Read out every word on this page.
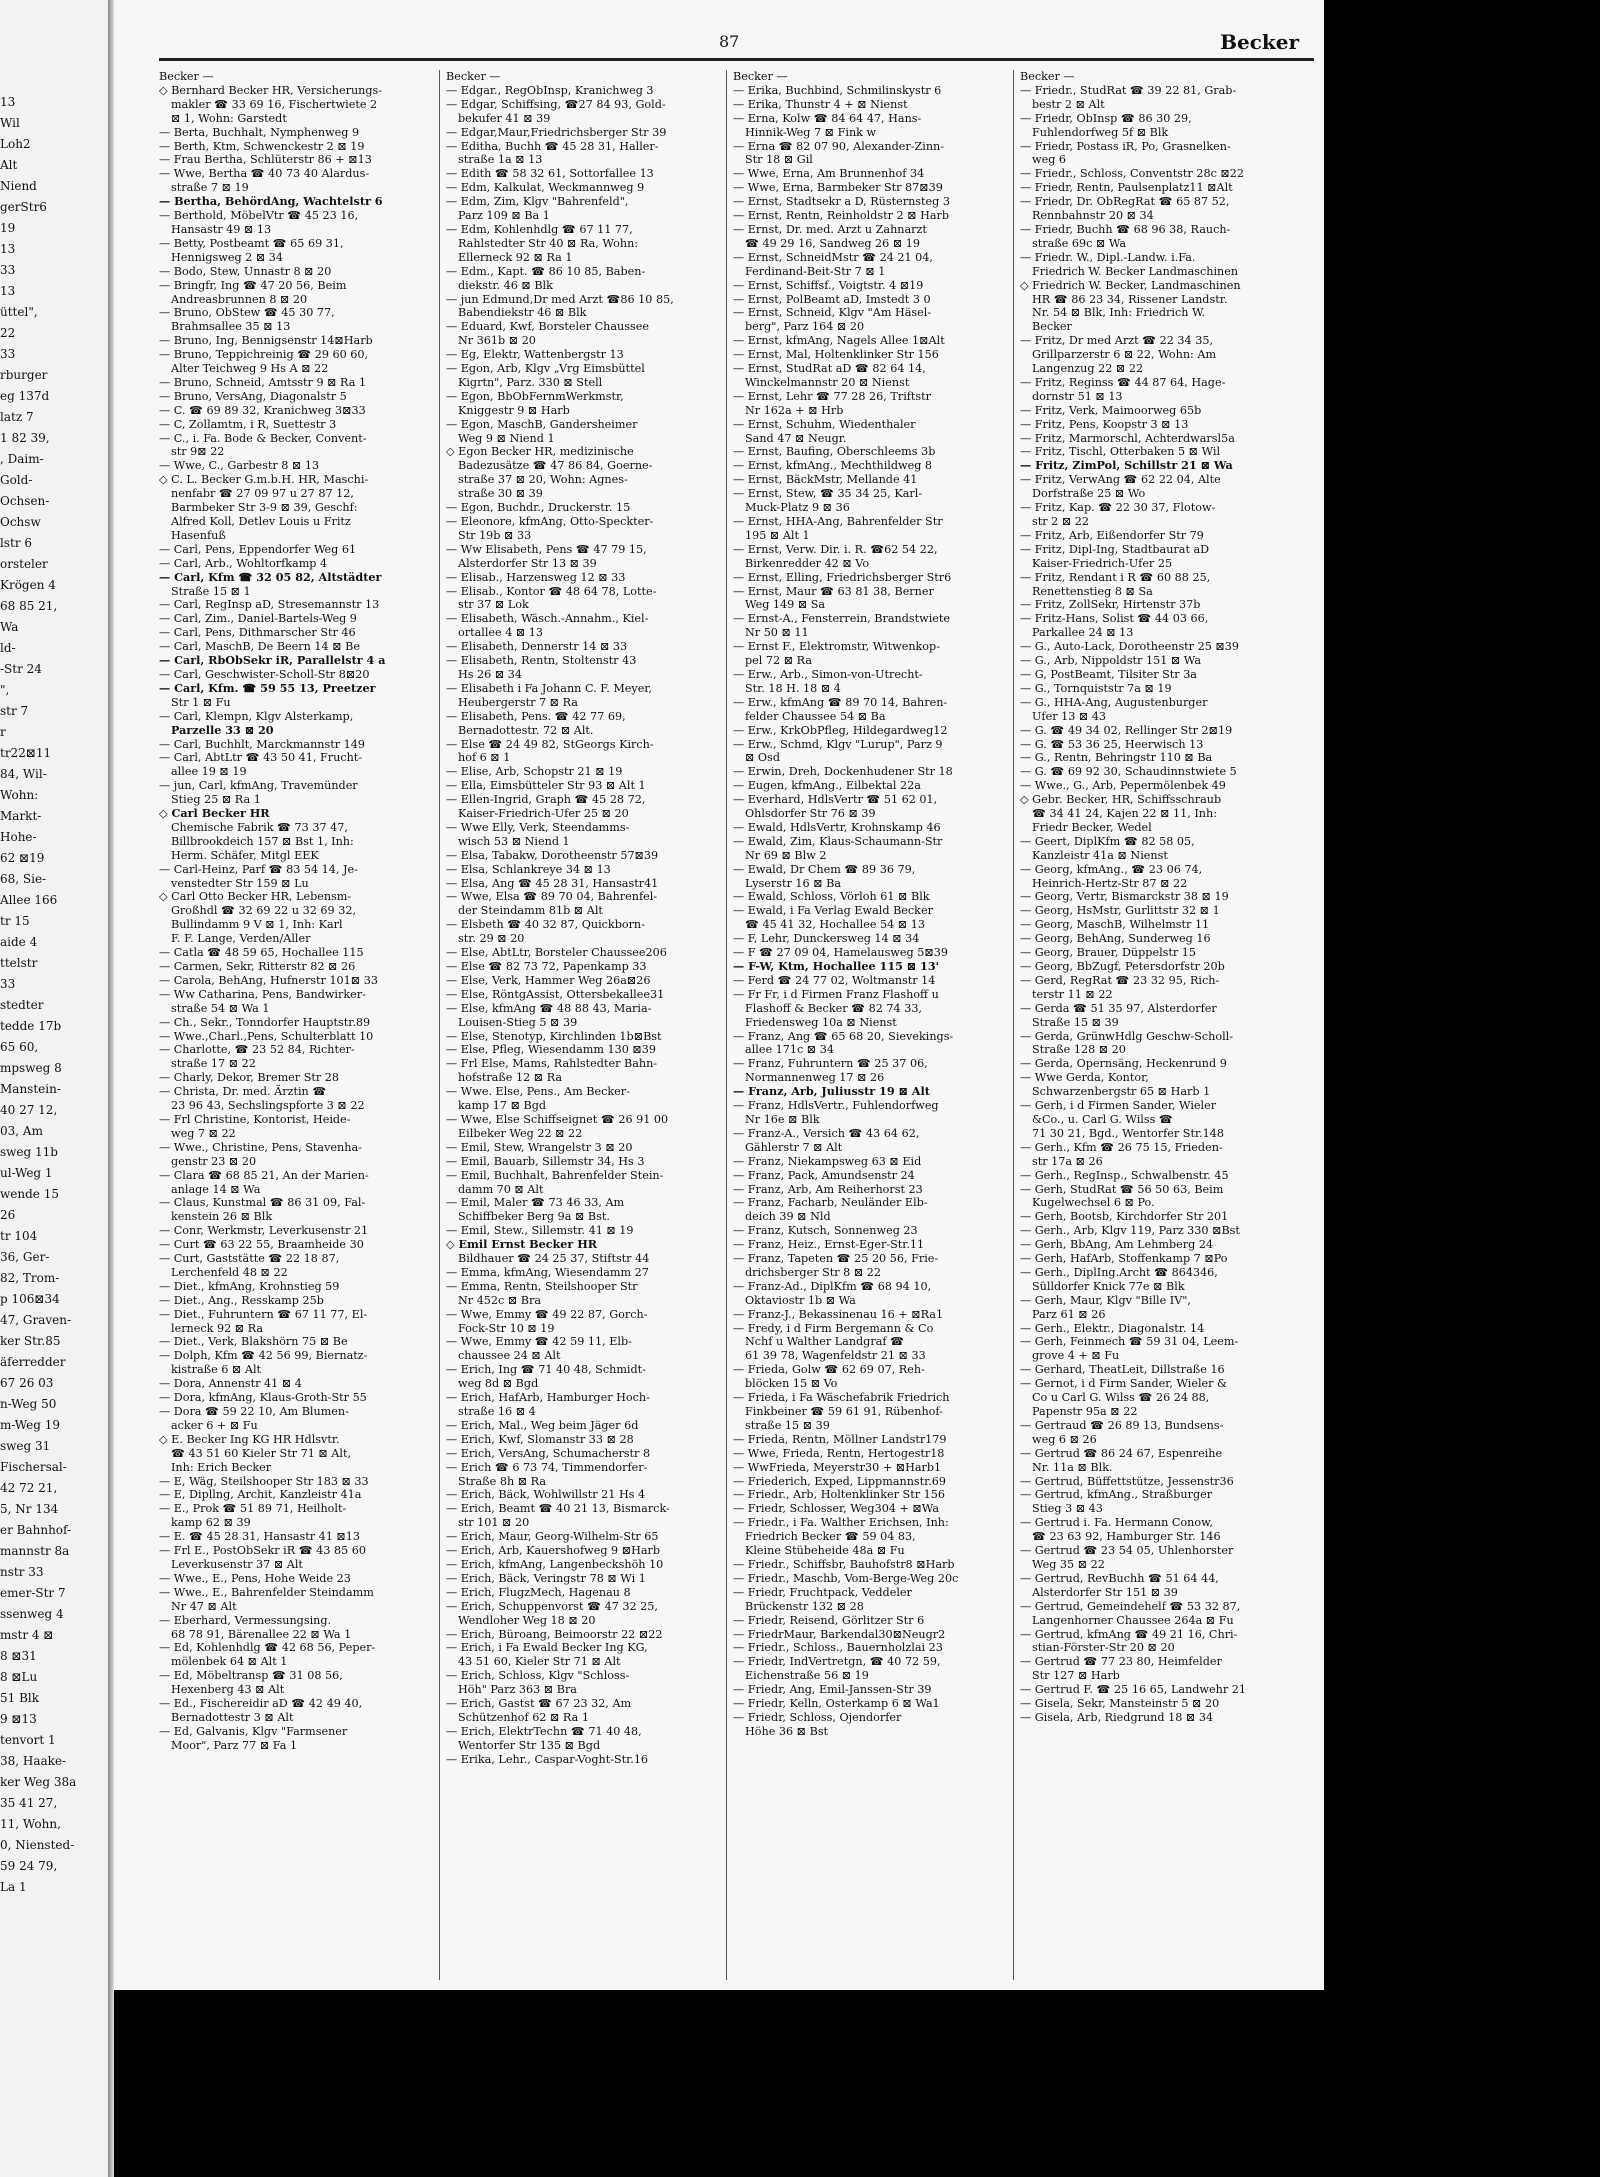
13
Wil
Loh2
Alt
Niend
gerStr6
19
13
33
13
üttel",
22
33
rburger
eg 137d
latz 7
1 82 39,
, Daim-
Gold-
Ochsen-
Ochsw
lstr 6
orsteler
Krögen 4
68 85 21,
Wa
ld-
-Str 24
",
str 7
r
tr22⊠11
84, Wil-
Wohn:
Markt-
Hohe-
62 ⊠19
68, Sie-
Allee 166
tr 15
aide 4
ttelstr
33
stedter
tedde 17b
65 60,
mpsweg 8
Manstein-
40 27 12,
03, Am
sweg 11b
ul-Weg 1
wende 15
26
tr 104
36, Ger-
82, Trom-
p 106⊠34
47, Graven-
ker Str.85
äferredder
67 26 03
n-Weg 50
m-Weg 19
sweg 31
Fischersal-
42 72 21,
5, Nr 134
er Bahnhof-
mannstr 8a
nstr 33
emer-Str 7
ssenweg 4
mstr 4 ⊠
8 ⊠31
8 ⊠Lu
51 Blk
9 ⊠13
tenvort 1
38, Haake-
ker Weg 38a
35 41 27,
11, Wohn,
0, Niensted-
59 24 79,
La 1
87	Becker
Becker —
◇ Bernhard Becker HR, Versicherungs-
makler ☎ 33 69 16, Fischertwiete 2
⊠ 1, Wohn: Garstedt
— Berta, Buchhalt, Nymphenweg 9
— Berth, Ktm, Schwenckestr 2 ⊠ 19
— Frau Bertha, Schlüterstr 86 + ⊠13
— Wwe, Bertha ☎ 40 73 40 Alardus-
straße 7 ⊠ 19
— Bertha, BehördAng, Wachtelstr 6
— Berthold, MöbelVtr ☎ 45 23 16,
Hansastr 49 ⊠ 13
— Betty, Postbeamt ☎ 65 69 31,
Hennigsweg 2 ⊠ 34
— Bodo, Stew, Unnastr 8 ⊠ 20
— Bringfr, Ing ☎ 47 20 56, Beim
Andreasbrunnen 8 ⊠ 20
— Bruno, ObStew ☎ 45 30 77,
Brahmsallee 35 ⊠ 13
— Bruno, Ing, Bennigsenstr 14⊠Harb
— Bruno, Teppichreinig ☎ 29 60 60,
Alter Teichweg 9 Hs A ⊠ 22
— Bruno, Schneid, Amtsstr 9 ⊠ Ra 1
— Bruno, VersAng, Diagonalstr 5
— C. ☎ 69 89 32, Kranichweg 3⊠33
— C, Zollamtm, i R, Suettestr 3
— C., i. Fa. Bode & Becker, Convent-
str 9⊠ 22
— Wwe, C., Garbestr 8 ⊠ 13
◇ C. L. Becker G.m.b.H. HR, Maschi-
nenfabr ☎ 27 09 97 u 27 87 12,
Barmbeker Str 3-9 ⊠ 39, Geschf:
Alfred Koll, Detlev Louis u Fritz
Hasenfuß
— Carl, Pens, Eppendorfer Weg 61
— Carl, Arb., Wohltorfkamp 4
— Carl, Kfm ☎ 32 05 82, Altstädter
Straße 15 ⊠ 1
— Carl, RegInsp aD, Stresemannstr 13
— Carl, Zim., Daniel-Bartels-Weg 9
— Carl, Pens, Dithmarscher Str 46
— Carl, MaschB, De Beern 14 ⊠ Be
— Carl, RbObSekr iR, Parallelstr 4 a
— Carl, Geschwister-Scholl-Str 8⊠20
— Carl, Kfm. ☎ 59 55 13, Preetzer
Str 1 ⊠ Fu
— Carl, Klempn, Klgv Alsterkamp,
Parzelle 33 ⊠ 20
— Carl, Buchhlt, Marckmannstr 149
— Carl, AbtLtr ☎ 43 50 41, Frucht-
allee 19 ⊠ 19
— jun, Carl, kfmAng, Travemünder
Stieg 25 ⊠ Ra 1
◇ Carl Becker HR
Chemische Fabrik ☎ 73 37 47,
Billbrookdeich 157 ⊠ Bst 1, Inh:
Herm. Schäfer, Mitgl EEK
— Carl-Heinz, Parf ☎ 83 54 14, Je-
venstedter Str 159 ⊠ Lu
◇ Carl Otto Becker HR, Lebensm-
Großhdl ☎ 32 69 22 u 32 69 32,
Bullindamm 9 V ⊠ 1, Inh: Karl
F. F. Lange, Verden/Aller
— Catla ☎ 48 59 65, Hochallee 115
— Carmen, Sekr, Ritterstr 82 ⊠ 26
— Carola, BehAng, Hufnerstr 101⊠ 33
— Ww Catharina, Pens, Bandwirker-
straße 54 ⊠ Wa 1
— Ch., Sekr., Tonndorfer Hauptstr.89
— Wwe.,Charl.,Pens, Schulterblatt 10
— Charlotte, ☎ 23 52 84, Richter-
straße 17 ⊠ 22
— Charly, Dekor, Bremer Str 28
— Christa, Dr. med. Ärztin ☎
23 96 43, Sechslingspforte 3 ⊠ 22
— Frl Christine, Kontorist, Heide-
weg 7 ⊠ 22
— Wwe., Christine, Pens, Stavenha-
genstr 23 ⊠ 20
— Clara ☎ 68 85 21, An der Marien-
anlage 14 ⊠ Wa
— Claus, Kunstmal ☎ 86 31 09, Fal-
kenstein 26 ⊠ Blk
— Conr, Werkmstr, Leverkusenstr 21
— Curt ☎ 63 22 55, Braamheide 30
— Curt, Gaststätte ☎ 22 18 87,
Lerchenfeld 48 ⊠ 22
— Diet., kfmAng, Krohnstieg 59
— Diet., Ang., Resskamp 25b
— Diet., Fuhruntern ☎ 67 11 77, El-
lerneck 92 ⊠ Ra
— Diet., Verk, Blakshörn 75 ⊠ Be
— Dolph, Kfm ☎ 42 56 99, Biernatz-
kistraße 6 ⊠ Alt
— Dora, Annenstr 41 ⊠ 4
— Dora, kfmAng, Klaus-Groth-Str 55
— Dora ☎ 59 22 10, Am Blumen-
acker 6 + ⊠ Fu
◇ E. Becker Ing KG HR Hdlsvtr.
☎ 43 51 60 Kieler Str 71 ⊠ Alt,
Inh: Erich Becker
— E, Wäg, Steilshooper Str 183 ⊠ 33
— E, Dipllng, Archit, Kanzleistr 41a
— E., Prok ☎ 51 89 71, Heilholt-
kamp 62 ⊠ 39
— E. ☎ 45 28 31, Hansastr 41 ⊠13
— Frl E., PostObSekr iR ☎ 43 85 60
Leverkusenstr 37 ⊠ Alt
— Wwe., E., Pens, Hohe Weide 23
— Wwe., E., Bahrenfelder Steindamm
Nr 47 ⊠ Alt
— Eberhard, Vermessungsing.
68 78 91, Bärenallee 22 ⊠ Wa 1
— Ed, Kohlenhdlg ☎ 42 68 56, Peper-
mölenbek 64 ⊠ Alt 1
— Ed, Möbeltransp ☎ 31 08 56,
Hexenberg 43 ⊠ Alt
— Ed., Fischereidir aD ☎ 42 49 40,
Bernadottestr 3 ⊠ Alt
— Ed, Galvanis, Klgv "Farmsener
Moor", Parz 77 ⊠ Fa 1
Becker —
— Edgar., RegObInsp, Kranichweg 3
— Edgar, Schiffsing, ☎27 84 93, Gold-
bekufer 41 ⊠ 39
— Edgar,Maur,Friedrichsberger Str 39
— Editha, Buchh ☎ 45 28 31, Haller-
straße 1a ⊠ 13
— Edith ☎ 58 32 61, Sottorfallee 13
— Edm, Kalkulat, Weckmannweg 9
— Edm, Zim, Klgv "Bahrenfeld",
Parz 109 ⊠ Ba 1
— Edm, Kohlenhdlg ☎ 67 11 77,
Rahlstedter Str 40 ⊠ Ra, Wohn:
Ellerneck 92 ⊠ Ra 1
— Edm., Kapt. ☎ 86 10 85, Baben-
diekstr. 46 ⊠ Blk
— jun Edmund,Dr med Arzt ☎86 10 85,
Babendiekstr 46 ⊠ Blk
— Eduard, Kwf, Borsteler Chaussee
Nr 361b ⊠ 20
— Eg, Elektr, Wattenbergstr 13
— Egon, Arb, Klgv „Vrg Eimsbüttel
Kigrtn", Parz. 330 ⊠ Stell
— Egon, BbObFernmWerkmstr,
Kniggestr 9 ⊠ Harb
— Egon, MaschB, Gandersheimer
Weg 9 ⊠ Niend 1
◇ Egon Becker HR, medizinische
Badezusätze ☎ 47 86 84, Goerne-
straße 37 ⊠ 20, Wohn: Agnes-
straße 30 ⊠ 39
— Egon, Buchdr., Druckerstr. 15
— Eleonore, kfmAng, Otto-Speckter-
Str 19b ⊠ 33
— Ww Elisabeth, Pens ☎ 47 79 15,
Alsterdorfer Str 13 ⊠ 39
— Elisab., Harzensweg 12 ⊠ 33
— Elisab., Kontor ☎ 48 64 78, Lotte-
str 37 ⊠ Lok
— Elisabeth, Wäsch.-Annahm., Kiel-
ortallee 4 ⊠ 13
— Elisabeth, Dennerstr 14 ⊠ 33
— Elisabeth, Rentn, Stoltenstr 43
Hs 26 ⊠ 34
— Elisabeth i Fa Johann C. F. Meyer,
Heubergerstr 7 ⊠ Ra
— Elisabeth, Pens. ☎ 42 77 69,
Bernadottestr. 72 ⊠ Alt.
— Else ☎ 24 49 82, StGeorgs Kirch-
hof 6 ⊠ 1
— Elise, Arb, Schopstr 21 ⊠ 19
— Ella, Eimsbütteler Str 93 ⊠ Alt 1
— Ellen-Ingrid, Graph ☎ 45 28 72,
Kaiser-Friedrich-Ufer 25 ⊠ 20
— Wwe Elly, Verk, Steendamms-
wisch 53 ⊠ Niend 1
— Elsa, Tabakw, Dorotheenstr 57⊠39
— Elsa, Schlankreye 34 ⊠ 13
— Elsa, Ang ☎ 45 28 31, Hansastr41
— Wwe, Elsa ☎ 89 70 04, Bahrenfel-
der Steindamm 81b ⊠ Alt
— Elsbeth ☎ 40 32 87, Quickborn-
str. 29 ⊠ 20
— Else, AbtLtr, Borsteler Chaussee206
— Else ☎ 82 73 72, Papenkamp 33
— Else, Verk, Hammer Weg 26a⊠26
— Else, RöntgAssist, Ottersbekallee31
— Else, kfmAng ☎ 48 88 43, Maria-
Louisen-Stieg 5 ⊠ 39
— Else, Stenotyp, Kirchlinden 1b⊠Bst
— Else, Pfleg, Wiesendamm 130 ⊠39
— Frl Else, Mams, Rahlstedter Bahn-
hofstraße 12 ⊠ Ra
— Wwe. Else, Pens., Am Becker-
kamp 17 ⊠ Bgd
— Wwe, Else Schiffseignet ☎ 26 91 00
Eilbeker Weg 22 ⊠ 22
— Emil, Stew, Wrangelstr 3 ⊠ 20
— Emil, Bauarb, Sillemstr 34, Hs 3
— Emil, Buchhalt, Bahrenfelder Stein-
damm 70 ⊠ Alt
— Emil, Maler ☎ 73 46 33, Am
Schiffbeker Berg 9a ⊠ Bst.
— Emil, Stew., Sillemstr. 41 ⊠ 19
◇ Emil Ernst Becker HR
Bildhauer ☎ 24 25 37, Stiftstr 44
— Emma, kfmAng, Wiesendamm 27
— Emma, Rentn, Steilshooper Str
Nr 452c ⊠ Bra
— Wwe, Emmy ☎ 49 22 87, Gorch-
Fock-Str 10 ⊠ 19
— Wwe, Emmy ☎ 42 59 11, Elb-
chaussee 24 ⊠ Alt
— Erich, Ing ☎ 71 40 48, Schmidt-
weg 8d ⊠ Bgd
— Erich, HafArb, Hamburger Hoch-
straße 16 ⊠ 4
— Erich, Mal., Weg beim Jäger 6d
— Erich, Kwf, Slomanstr 33 ⊠ 28
— Erich, VersAng, Schumacherstr 8
— Erich ☎ 6 73 74, Timmendorfer-
Straße 8h ⊠ Ra
— Erich, Bäck, Wohlwillstr 21 Hs 4
— Erich, Beamt ☎ 40 21 13, Bismarck-
str 101 ⊠ 20
— Erich, Maur, Georg-Wilhelm-Str 65
— Erich, Arb, Kauershofweg 9 ⊠Harb
— Erich, kfmAng, Langenbeckshöh 10
— Erich, Bäck, Veringstr 78 ⊠ Wi 1
— Erich, FlugzMech, Hagenau 8
— Erich, Schuppenvorst ☎ 47 32 25,
Wendloher Weg 18 ⊠ 20
— Erich, Büroang, Beimoorstr 22 ⊠22
— Erich, i Fa Ewald Becker Ing KG,
43 51 60, Kieler Str 71 ⊠ Alt
— Erich, Schloss, Klgv "Schloss-
Höh" Parz 363 ⊠ Bra
— Erich, Gastst ☎ 67 23 32, Am
Schützenhof 62 ⊠ Ra 1
— Erich, ElektrTechn ☎ 71 40 48,
Wentorfer Str 135 ⊠ Bgd
— Erika, Lehr., Caspar-Voght-Str.16
Becker —
— Erika, Buchbind, Schmilinskystr 6
— Erika, Thunstr 4 + ⊠ Nienst
— Erna, Kolw ☎ 84 64 47, Hans-
Hinnik-Weg 7 ⊠ Fink w
— Erna ☎ 82 07 90, Alexander-Zinn-
Str 18 ⊠ Gil
— Wwe, Erna, Am Brunnenhof 34
— Wwe, Erna, Barmbeker Str 87⊠39
— Ernst, Stadtsekr a D, Rüsternsteg 3
— Ernst, Rentn, Reinholdstr 2 ⊠ Harb
— Ernst, Dr. med. Arzt u Zahnarzt
☎ 49 29 16, Sandweg 26 ⊠ 19
— Ernst, SchneidMstr ☎ 24 21 04,
Ferdinand-Beit-Str 7 ⊠ 1
— Ernst, Schiffsf., Voigtstr. 4 ⊠19
— Ernst, PolBeamt aD, Imstedt 3 0
— Ernst, Schneid, Klgv "Am Häsel-
berg", Parz 164 ⊠ 20
— Ernst, kfmAng, Nagels Allee 1⊠Alt
— Ernst, Mal, Holtenklinker Str 156
— Ernst, StudRat aD ☎ 82 64 14,
Winckelmannstr 20 ⊠ Nienst
— Ernst, Lehr ☎ 77 28 26, Triftstr
Nr 162a + ⊠ Hrb
— Ernst, Schuhm, Wiedenthaler
Sand 47 ⊠ Neugr.
— Ernst, Baufing, Oberschleems 3b
— Ernst, kfmAng., Mechthildweg 8
— Ernst, BäckMstr, Mellande 41
— Ernst, Stew, ☎ 35 34 25, Karl-
Muck-Platz 9 ⊠ 36
— Ernst, HHA-Ang, Bahrenfelder Str
195 ⊠ Alt 1
— Ernst, Verw. Dir. i. R. ☎62 54 22,
Birkenredder 42 ⊠ Vo
— Ernst, Elling, Friedrichsberger Str6
— Ernst, Maur ☎ 63 81 38, Berner
Weg 149 ⊠ Sa
— Ernst-A., Fensterrein, Brandstwiete
Nr 50 ⊠ 11
— Ernst F., Elektromstr, Witwenkop-
pel 72 ⊠ Ra
— Erw., Arb., Simon-von-Utrecht-
Str. 18 H. 18 ⊠ 4
— Erw., kfmAng ☎ 89 70 14, Bahren-
felder Chaussee 54 ⊠ Ba
— Erw., KrkObPfleg, Hildegardweg12
— Erw., Schmd, Klgv "Lurup", Parz 9
⊠ Osd
— Erwin, Dreh, Dockenhudener Str 18
— Eugen, kfmAng., Eilbektal 22a
— Everhard, HdlsVertr ☎ 51 62 01,
Ohlsdorfer Str 76 ⊠ 39
— Ewald, HdlsVertr, Krohnskamp 46
— Ewald, Zim, Klaus-Schaumann-Str
Nr 69 ⊠ Blw 2
— Ewald, Dr Chem ☎ 89 36 79,
Lyserstr 16 ⊠ Ba
— Ewald, Schloss, Vörloh 61 ⊠ Blk
— Ewald, i Fa Verlag Ewald Becker
☎ 45 41 32, Hochallee 54 ⊠ 13
— F, Lehr, Dunckersweg 14 ⊠ 34
— F ☎ 27 09 04, Hamelausweg 5⊠39
— F-W, Ktm, Hochallee 115 ⊠ 13'
— Ferd ☎ 24 77 02, Woltmanstr 14
— Fr Fr, i d Firmen Franz Flashoff u
Flashoff & Becker ☎ 82 74 33,
Friedensweg 10a ⊠ Nienst
— Franz, Ang ☎ 65 68 20, Sievekings-
allee 171c ⊠ 34
— Franz, Fuhruntern ☎ 25 37 06,
Normannenweg 17 ⊠ 26
— Franz, Arb, Juliusstr 19 ⊠ Alt
— Franz, HdlsVertr., Fuhlendorfweg
Nr 16e ⊠ Blk
— Franz-A., Versich ☎ 43 64 62,
Gählerstr 7 ⊠ Alt
— Franz, Niekampsweg 63 ⊠ Eid
— Franz, Pack, Amundsenstr 24
— Franz, Arb, Am Reiherhorst 23
— Franz, Facharb, Neuländer Elb-
deich 39 ⊠ Nld
— Franz, Kutsch, Sonnenweg 23
— Franz, Heiz., Ernst-Eger-Str.11
— Franz, Tapeten ☎ 25 20 56, Frie-
drichsberger Str 8 ⊠ 22
— Franz-Ad., DiplKfm ☎ 68 94 10,
Oktaviostr 1b ⊠ Wa
— Franz-J., Bekassinenau 16 + ⊠Ra1
— Fredy, i d Firm Bergemann & Co
Nchf u Walther Landgraf ☎
61 39 78, Wagenfeldstr 21 ⊠ 33
— Frieda, Golw ☎ 62 69 07, Reh-
blöcken 15 ⊠ Vo
— Frieda, i Fa Wäschefabrik Friedrich
Finkbeiner ☎ 59 61 91, Rübenhof-
straße 15 ⊠ 39
— Frieda, Rentn, Möllner Landstr179
— Wwe, Frieda, Rentn, Hertogestr18
— WwFrieda, Meyerstr30 + ⊠Harb1
— Friederich, Exped, Lippmannstr.69
— Friedr., Arb, Holtenklinker Str 156
— Friedr, Schlosser, Weg304 + ⊠Wa
— Friedr., i Fa. Walther Erichsen, Inh:
Friedrich Becker ☎ 59 04 83,
Kleine Stübeheide 48a ⊠ Fu
— Friedr., Schiffsbr, Bauhofstr8 ⊠Harb
— Friedr., Maschb, Vom-Berge-Weg 20c
— Friedr, Fruchtpack, Veddeler
Brückenstr 132 ⊠ 28
— Friedr, Reisend, Görlitzer Str 6
— FriedrMaur, Barkendal30⊠Neugr2
— Friedr., Schloss., Bauernholzlai 23
— Friedr, IndVertretgn, ☎ 40 72 59,
Eichenstraße 56 ⊠ 19
— Friedr, Ang, Emil-Janssen-Str 39
— Friedr, Kelln, Osterkamp 6 ⊠ Wa1
— Friedr, Schloss, Ojendorfer
Höhe 36 ⊠ Bst
Becker —
— Friedr., StudRat ☎ 39 22 81, Grab-
bestr 2 ⊠ Alt
— Friedr, ObInsp ☎ 86 30 29,
Fuhlendorfweg 5f ⊠ Blk
— Friedr, Postass iR, Po, Grasnelken-
weg 6
— Friedr., Schloss, Conventstr 28c ⊠22
— Friedr, Rentn, Paulsenplatz11 ⊠Alt
— Friedr, Dr. ObRegRat ☎ 65 87 52,
Rennbahnstr 20 ⊠ 34
— Friedr, Buchh ☎ 68 96 38, Rauch-
straße 69c ⊠ Wa
— Friedr. W., Dipl.-Landw. i.Fa.
Friedrich W. Becker Landmaschinen
◇ Friedrich W. Becker, Landmaschinen
HR ☎ 86 23 34, Rissener Landstr.
Nr. 54 ⊠ Blk, Inh: Friedrich W.
Becker
— Fritz, Dr med Arzt ☎ 22 34 35,
Grillparzerstr 6 ⊠ 22, Wohn: Am
Langenzug 22 ⊠ 22
— Fritz, Reginss ☎ 44 87 64, Hage-
dornstr 51 ⊠ 13
— Fritz, Verk, Maimoorweg 65b
— Fritz, Pens, Koopstr 3 ⊠ 13
— Fritz, Marmorschl, Achterdwarsl5a
— Fritz, Tischl, Otterbaken 5 ⊠ Wil
— Fritz, ZimPol, Schillstr 21 ⊠ Wa
— Fritz, VerwAng ☎ 62 22 04, Alte
Dorfstraße 25 ⊠ Wo
— Fritz, Kap. ☎ 22 30 37, Flotow-
str 2 ⊠ 22
— Fritz, Arb, Eißendorfer Str 79
— Fritz, Dipl-Ing, Stadtbaurat aD
Kaiser-Friedrich-Ufer 25
— Fritz, Rendant i R ☎ 60 88 25,
Renettenstieg 8 ⊠ Sa
— Fritz, ZollSekr, Hirtenstr 37b
— Fritz-Hans, Solist ☎ 44 03 66,
Parkallee 24 ⊠ 13
— G., Auto-Lack, Dorotheenstr 25 ⊠39
— G., Arb, Nippoldstr 151 ⊠ Wa
— G, PostBeamt, Tilsiter Str 3a
— G., Tornquiststr 7a ⊠ 19
— G., HHA-Ang, Augustenburger
Ufer 13 ⊠ 43
— G. ☎ 49 34 02, Rellinger Str 2⊠19
— G. ☎ 53 36 25, Heerwisch 13
— G., Rentn, Behringstr 110 ⊠ Ba
— G. ☎ 69 92 30, Schaudinnstwiete 5
— Wwe., G., Arb, Pepermölenbek 49
◇ Gebr. Becker, HR, Schiffsschraub
☎ 34 41 24, Kajen 22 ⊠ 11, Inh:
Friedr Becker, Wedel
— Geert, DiplKfm ☎ 82 58 05,
Kanzleistr 41a ⊠ Nienst
— Georg, kfmAng., ☎ 23 06 74,
Heinrich-Hertz-Str 87 ⊠ 22
— Georg, Vertr, Bismarckstr 38 ⊠ 19
— Georg, HsMstr, Gurlittstr 32 ⊠ 1
— Georg, MaschB, Wilhelmstr 11
— Georg, BehAng, Sunderweg 16
— Georg, Brauer, Düppelstr 15
— Georg, BbZugf, Petersdorfstr 20b
— Gerd, RegRat ☎ 23 32 95, Rich-
terstr 11 ⊠ 22
— Gerda ☎ 51 35 97, Alsterdorfer
Straße 15 ⊠ 39
— Gerda, GrünwHdlg Geschw-Scholl-
Straße 128 ⊠ 20
— Gerda, Opernsäng, Heckenrund 9
— Wwe Gerda, Kontor,
Schwarzenbergstr 65 ⊠ Harb 1
— Gerh, i d Firmen Sander, Wieler
&Co., u. Carl G. Wilss ☎
71 30 21, Bgd., Wentorfer Str.148
— Gerh., Kfm ☎ 26 75 15, Frieden-
str 17a ⊠ 26
— Gerh., RegInsp., Schwalbenstr. 45
— Gerh, StudRat ☎ 56 50 63, Beim
Kugelwechsel 6 ⊠ Po.
— Gerh, Bootsb, Kirchdorfer Str 201
— Gerh., Arb, Klgv 119, Parz 330 ⊠Bst
— Gerh, BbAng, Am Lehmberg 24
— Gerh, HafArb, Stoffenkamp 7 ⊠Po
— Gerh., DiplIng.Archt ☎ 864346,
Sülldorfer Knick 77e ⊠ Blk
— Gerh, Maur, Klgv "Bille IV",
Parz 61 ⊠ 26
— Gerh., Elektr., Diagonalstr. 14
— Gerh, Feinmech ☎ 59 31 04, Leem-
grove 4 + ⊠ Fu
— Gerhard, TheatLeit, Dillstraße 16
— Gernot, i d Firm Sander, Wieler &
Co u Carl G. Wilss ☎ 26 24 88,
Papenstr 95a ⊠ 22
— Gertraud ☎ 26 89 13, Bundsens-
weg 6 ⊠ 26
— Gertrud ☎ 86 24 67, Espenreihe
Nr. 11a ⊠ Blk.
— Gertrud, Büffettstütze, Jessenstr36
— Gertrud, kfmAng., Straßburger
Stieg 3 ⊠ 43
— Gertrud i. Fa. Hermann Conow,
☎ 23 63 92, Hamburger Str. 146
— Gertrud ☎ 23 54 05, Uhlenhorster
Weg 35 ⊠ 22
— Gertrud, RevBuchh ☎ 51 64 44,
Alsterdorfer Str 151 ⊠ 39
— Gertrud, Gemeindehelf ☎ 53 32 87,
Langenhorner Chaussee 264a ⊠ Fu
— Gertrud, kfmAng ☎ 49 21 16, Chri-
stian-Förster-Str 20 ⊠ 20
— Gertrud ☎ 77 23 80, Heimfelder
Str 127 ⊠ Harb
— Gertrud F. ☎ 25 16 65, Landwehr 21
— Gisela, Sekr, Mansteinstr 5 ⊠ 20
— Gisela, Arb, Riedgrund 18 ⊠ 34
